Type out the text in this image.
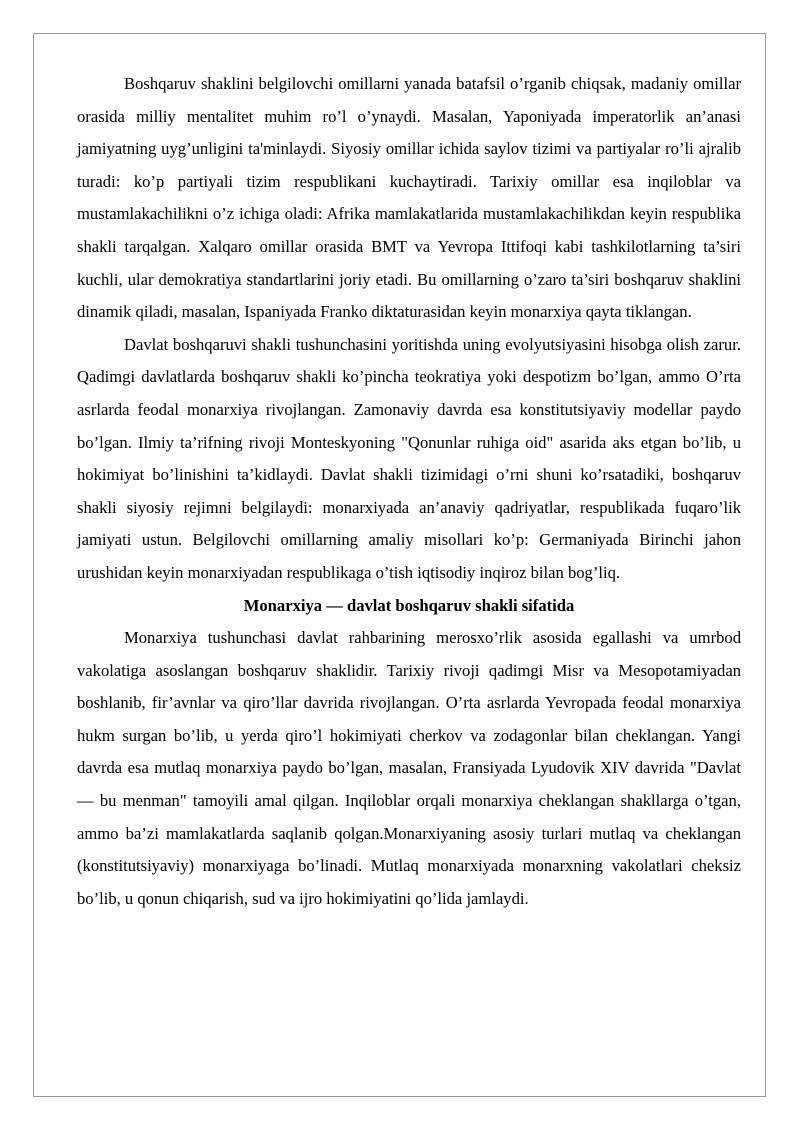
Boshqaruv shaklini belgilovchi omillarni yanada batafsil o’rganib chiqsak, madaniy omillar orasida milliy mentalitet muhim ro’l o’ynaydi. Masalan, Yaponiyada imperatorlik an’anasi jamiyatning uyg’unligini ta'minlaydi. Siyosiy omillar ichida saylov tizimi va partiyalar ro’li ajralib turadi: ko’p partiyali tizim respublikani kuchaytiradi. Tarixiy omillar esa inqiloblar va mustamlakachilikni o’z ichiga oladi: Afrika mamlakatlarida mustamlakachilikdan keyin respublika shakli tarqalgan. Xalqaro omillar orasida BMT va Yevropa Ittifoqi kabi tashkilotlarning ta’siri kuchli, ular demokratiya standartlarini joriy etadi. Bu omillarning o’zaro ta’siri boshqaruv shaklini dinamik qiladi, masalan, Ispaniyada Franko diktaturasidan keyin monarxiya qayta tiklangan.

Davlat boshqaruvi shakli tushunchasini yoritishda uning evolyutsiyasini hisobga olish zarur. Qadimgi davlatlarda boshqaruv shakli ko’pincha teokratiya yoki despotizm bo’lgan, ammo O’rta asrlarda feodal monarxiya rivojlangan. Zamonaviy davrda esa konstitutsiyaviy modellar paydo bo’lgan. Ilmiy ta’rifning rivoji Monteskyoning "Qonunlar ruhiga oid" asarida aks etgan bo’lib, u hokimiyat bo’linishini ta’kidlaydi. Davlat shakli tizimidagi o’rni shuni ko’rsatadiki, boshqaruv shakli siyosiy rejimni belgilaydi: monarxiyada an’anaviy qadriyatlar, respublikada fuqaro’lik jamiyati ustun. Belgilovchi omillarning amaliy misollari ko’p: Germaniyada Birinchi jahon urushidan keyin monarxiyadan respublikaga o’tish iqtisodiy inqiroz bilan bog’liq.

Monarxiya — davlat boshqaruv shakli sifatida

Monarxiya tushunchasi davlat rahbarining merosxo’rlik asosida egallashi va umrbod vakolatiga asoslangan boshqaruv shaklidir. Tarixiy rivoji qadimgi Misr va Mesopotamiyadan boshlanib, fir’avnlar va qiro’llar davrida rivojlangan. O’rta asrlarda Yevropada feodal monarxiya hukm surgan bo’lib, u yerda qiro’l hokimiyati cherkov va zodagonlar bilan cheklangan. Yangi davrda esa mutlaq monarxiya paydo bo’lgan, masalan, Fransiyada Lyudovik XIV davrida "Davlat — bu menman" tamoyili amal qilgan. Inqiloblar orqali monarxiya cheklangan shakllarga o’tgan, ammo ba’zi mamlakatlarda saqlanib qolgan.Monarxiyaning asosiy turlari mutlaq va cheklangan (konstitutsiyaviy) monarxiyaga bo’linadi. Mutlaq monarxiyada monarxning vakolatlari cheksiz bo’lib, u qonun chiqarish, sud va ijro hokimiyatini qo’lida jamlaydi.
